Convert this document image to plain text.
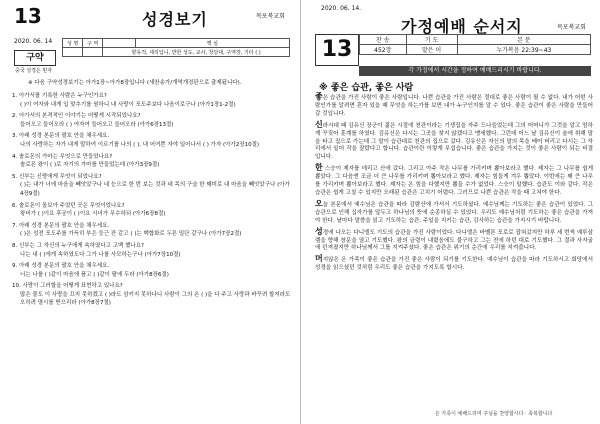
13	성경보기	목포북교회
2020. 06. 14	성 명	구 역		핵 심
		향유적, 세리입니, 반한 성도, 교사, 장당대, 구역장, 기타 ( )	
구약
중국 성경은 믿자
※ 다음 구약성경보기는 아가1장~아가8장입니다 (새찬송가/개역개정판으로 출제됩니다).
1. 아가서를 기록한 사람은 누구인가요?
( )이 여자와 내게 입 맞추기를 원하니 내 사랑이 포도주보다 나음이로구나 (아가1장1-2절)
2. 아가서의 본격적인 이야기는 어떻게 시작되었나요?
들어오고 들어오라 ( ) 여자여 들어오고 들어오라 (아가6장13절)
3. 아래 성경 본문의 괄호 안을 채우세요.
나의 사랑하는 자가 내게 말하여 이르기를 나의 ( ), 내 어여쁜 자야 일어나서 ( ) 가자 (아가2장10절)
4. 솔로몬의 가마는 무엇으로 만들었나요?
솔로몬 왕이 ( )로 자기의 가마를 만들었는데 (아가3장9절)
5. 신부는 신랑에게 무엇이 되었나요?
( )는 내가 너에 마음을 빼앗았구나 네 눈으로 한 번 보는 것과 네 목의 구슬 한 꿰미로 내 마음을 빼앗았구나 (아가4장9절)
6. 솔로몬이 돌보아 주었던 곳은 무엇이었나요?
왕비가 ( )이요 후궁이 ( )이요 시녀가 무수하되 (아가6장8절)
7. 아래 성경 본문의 괄호 안을 채우세요.
( )은 성전 포도주를 가득히 부은 둥근 잔 같고 ( )는 백합화로 두른 밀단 같구나 (아가7장2절)
8. 신부는 그 자신의 누구에게 속하였다고 고백 했나요?
나는 내 ( )에게 속하였도다 그가 나를 사모하는구나 (아가7장10절)
9. 아래 성경 본문의 괄호 안을 채우세요.
너는 나를 ( )같이 마음에 품고 ( )같이 팔에 두라 (아가8장6절)
10. 사랑이 그러할을 어떻게 표현하고 있나요?
많은 물도 이 사랑을 끄지 못하겠고 ( )라도 삼키지 못하나니 사람이 그의 온 ( )을 다 주고 사랑과 바꾸려 할지라도 오히려 멸시를 받으리라 (아가8장7절)
2020. 06. 14.
가정예배 순서지	목포북교회
13	찬 송	기 도	본 문
452장	맡은 이	누가복음 22:39~43
각 가정에서 시간을 정하여 예배드리시기 바랍니다.
※ 좋은 습관, 좋은 사람

좋은 습관을 가진 사람이 좋은 사람입니다. 나쁜 습관을 가진 사람은 절대로 좋은 사람이 될 수 없다. 내가 어떤 사람인가를 알려면 혼자 있을 때 무엇을 하는가를 보면 내가 누구인지를 알 수 있다. 좋은 습관이 좋은 사람을 만들어 갈 것입니다.

신라시대 때 김유신 장군이 젊은 시절에 천관이라는 기생집을 자주 드나들었는데 그의 어머니가 그것을 알고 엄하게 꾸짖어 훈계를 하였다. 김유신은 다시는 그곳을 찾지 않겠다고 맹세했다. 그런데 어느 날 김유신이 술에 취해 말을 타고 집으로 가는데 그 말이 습관대로 천관의 집으로 갔다. 김유신은 자신의 말의 목을 베어 버리고 다시는 그 자리에서 일어 작을 잘랐다고 합니다. 습관이란 이렇게 무섭습니다. 좋은 습관을 가지는 것이 좋은 사람이 되는 비결입니다.

한 스승이 제자를 데리고 산에 갔다. 그리고 아주 작은 나무를 가리키며 뽑아보라고 했다. 제자는 그 나무를 쉽게 뽑았다. 그 다음엔 조금 더 큰 나무를 가리키며 뽑아보라고 했다. 제자는 힘들게 겨우 뽑았다. 이번에는 꽤 큰 나무를 가리키며 뽑아보라고 했다. 제자는 온 힘을 다했지만 뽑을 수가 없었다. 스승이 말했다. 습관도 이와 같다. 작은 습관은 쉽게 고칠 수 있지만 오래된 습관은 고치기 어렵다. 그러므로 나쁜 습관은 작을 때 고쳐야 한다.

오늘 본문에서 예수님은 습관을 따라 감람산에 가셔서 기도하셨다. 예수님께는 기도하는 좋은 습관이 있었다. 그 습관으로 인해 십자가를 앞두고 하나님의 뜻에 순종하실 수 있었다. 우리도 예수님처럼 기도하는 좋은 습관을 가져야 한다. 날마다 말씀을 읽고 기도하는 습관, 주일을 지키는 습관, 감사하는 습관을 가지시기 바랍니다.

성경에 나오는 다니엘도 기도의 습관을 가진 사람이었다. 다니엘은 바벨론 포로로 잡혀갔지만 하루 세 번씩 예루살렘을 향해 창문을 열고 기도했다. 왕의 금령이 내렸음에도 불구하고 그는 전에 하던 대로 기도했다. 그 결과 사자굴에 던져졌지만 하나님께서 그를 지켜주셨다. 좋은 습관은 위기의 순간에 우리를 지켜줍니다.

머지않은 온 가족이 좋은 습관을 가진 좋은 사람이 되기를 기도한다. 예수님이 습관을 따라 기도하시고 회당에서 성경을 읽으셨던 것처럼 우리도 좋은 습관을 가지도록 합시다.

온 가족이 예배드리며 주님을 찬양합시다 · 축복합니다
